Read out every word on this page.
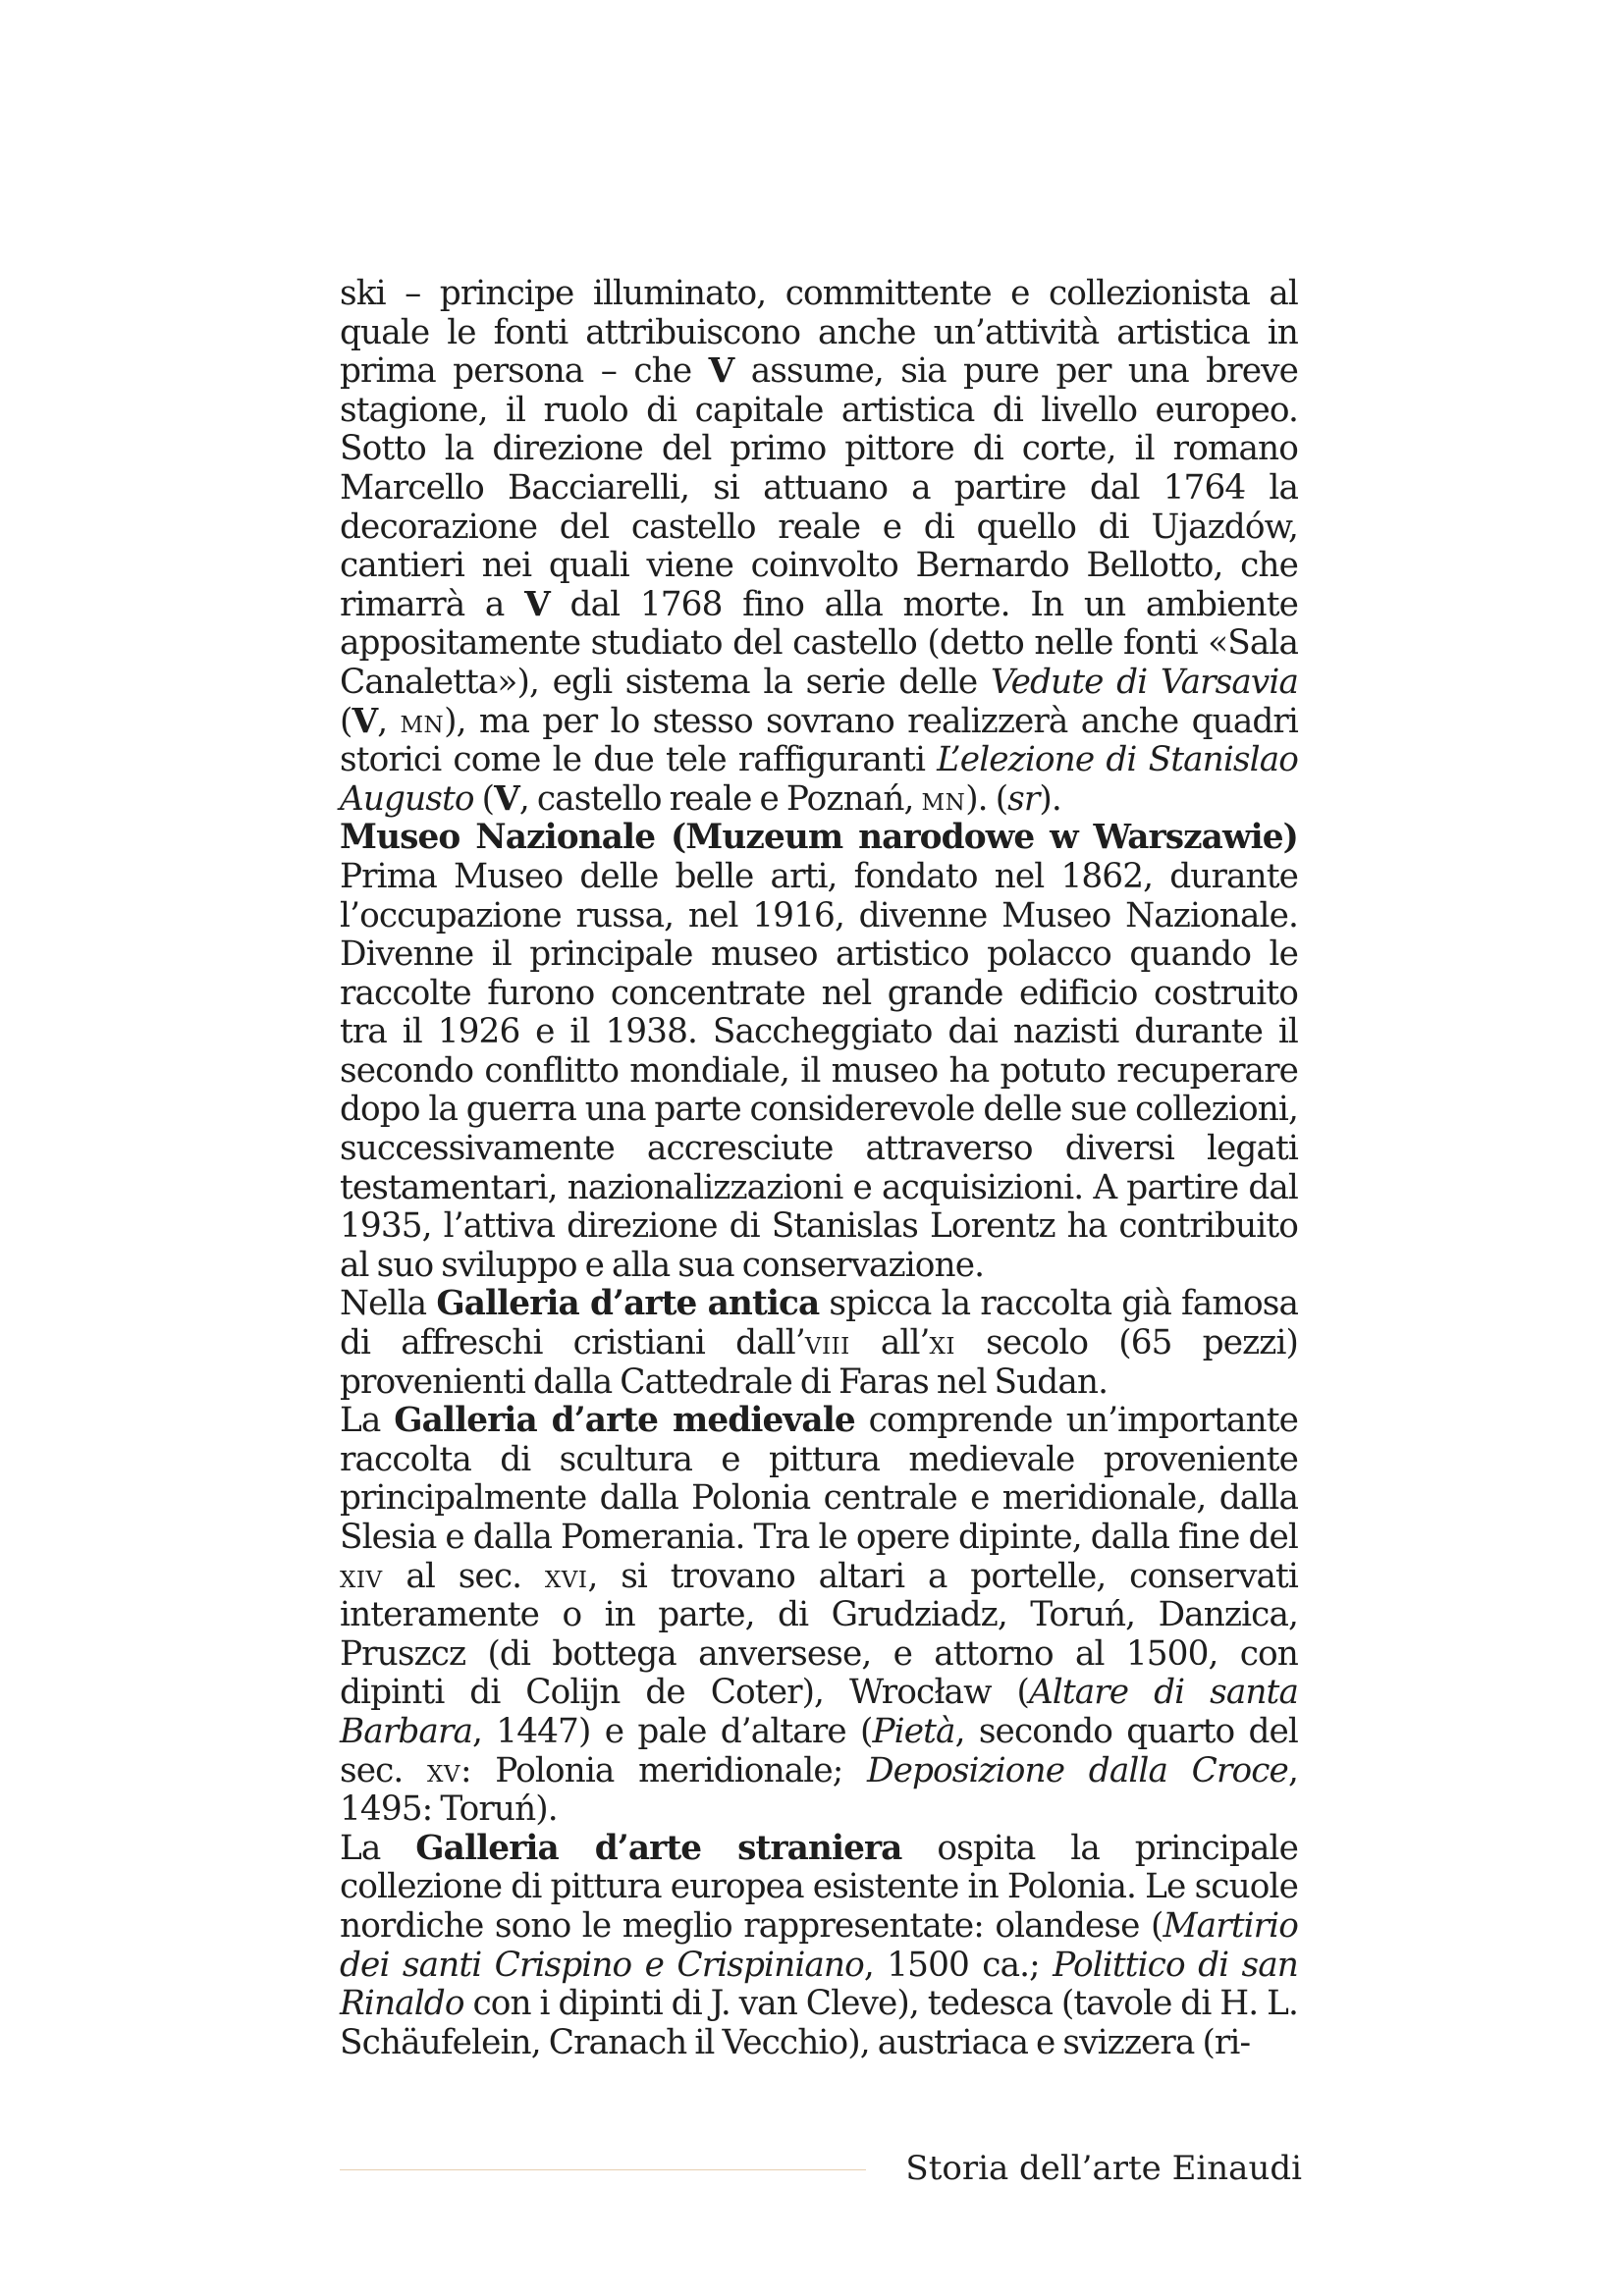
ski – principe illuminato, committente e collezionista al quale le fonti attribuiscono anche un’attività artistica in prima persona – che V assume, sia pure per una breve stagione, il ruolo di capitale artistica di livello europeo. Sotto la direzione del primo pittore di corte, il romano Marcello Bacciarelli, si attuano a partire dal 1764 la decorazione del castello reale e di quello di Ujazdów, cantieri nei quali viene coinvolto Bernardo Bellotto, che rimarrà a V dal 1768 fino alla morte. In un ambiente appositamente studiato del castello (detto nelle fonti «Sala Canaletta»), egli sistema la serie delle Vedute di Varsavia (V, mn), ma per lo stesso sovrano realizzerà anche quadri storici come le due tele raffiguranti L’elezione di Stanislao Augusto (V, castello reale e Poznań, mn). (sr).

Museo Nazionale (Muzeum narodowe w Warszawie) Prima Museo delle belle arti, fondato nel 1862, durante l’occupazione russa, nel 1916, divenne Museo Nazionale. Divenne il principale museo artistico polacco quando le raccolte furono concentrate nel grande edificio costruito tra il 1926 e il 1938. Saccheggiato dai nazisti durante il secondo conflitto mondiale, il museo ha potuto recuperare dopo la guerra una parte considerevole delle sue collezioni, successivamente accresciute attraverso diversi legati testamentari, nazionalizzazioni e acquisizioni. A partire dal 1935, l’attiva direzione di Stanislas Lorentz ha contribuito al suo sviluppo e alla sua conservazione.

Nella Galleria d’arte antica spicca la raccolta già famosa di affreschi cristiani dall’viii all’xi secolo (65 pezzi) provenienti dalla Cattedrale di Faras nel Sudan.

La Galleria d’arte medievale comprende un’importante raccolta di scultura e pittura medievale proveniente principalmente dalla Polonia centrale e meridionale, dalla Slesia e dalla Pomerania. Tra le opere dipinte, dalla fine del xiv al sec. xvi, si trovano altari a portelle, conservati interamente o in parte, di Grudziadz, Toruń, Danzica, Pruszcz (di bottega anversese, e attorno al 1500, con dipinti di Colijn de Coter), Wrocław (Altare di santa Barbara, 1447) e pale d’altare (Pietà, secondo quarto del sec. xv: Polonia meridionale; Deposizione dalla Croce, 1495: Toruń).

La Galleria d’arte straniera ospita la principale collezione di pittura europea esistente in Polonia. Le scuole nordiche sono le meglio rappresentate: olandese (Martirio dei santi Crispino e Crispiniano, 1500 ca.; Polittico di san Rinaldo con i dipinti di J. van Cleve), tedesca (tavole di H. L. Schäufelein, Cranach il Vecchio), austriaca e svizzera (ri-

Storia dell’arte Einaudi
